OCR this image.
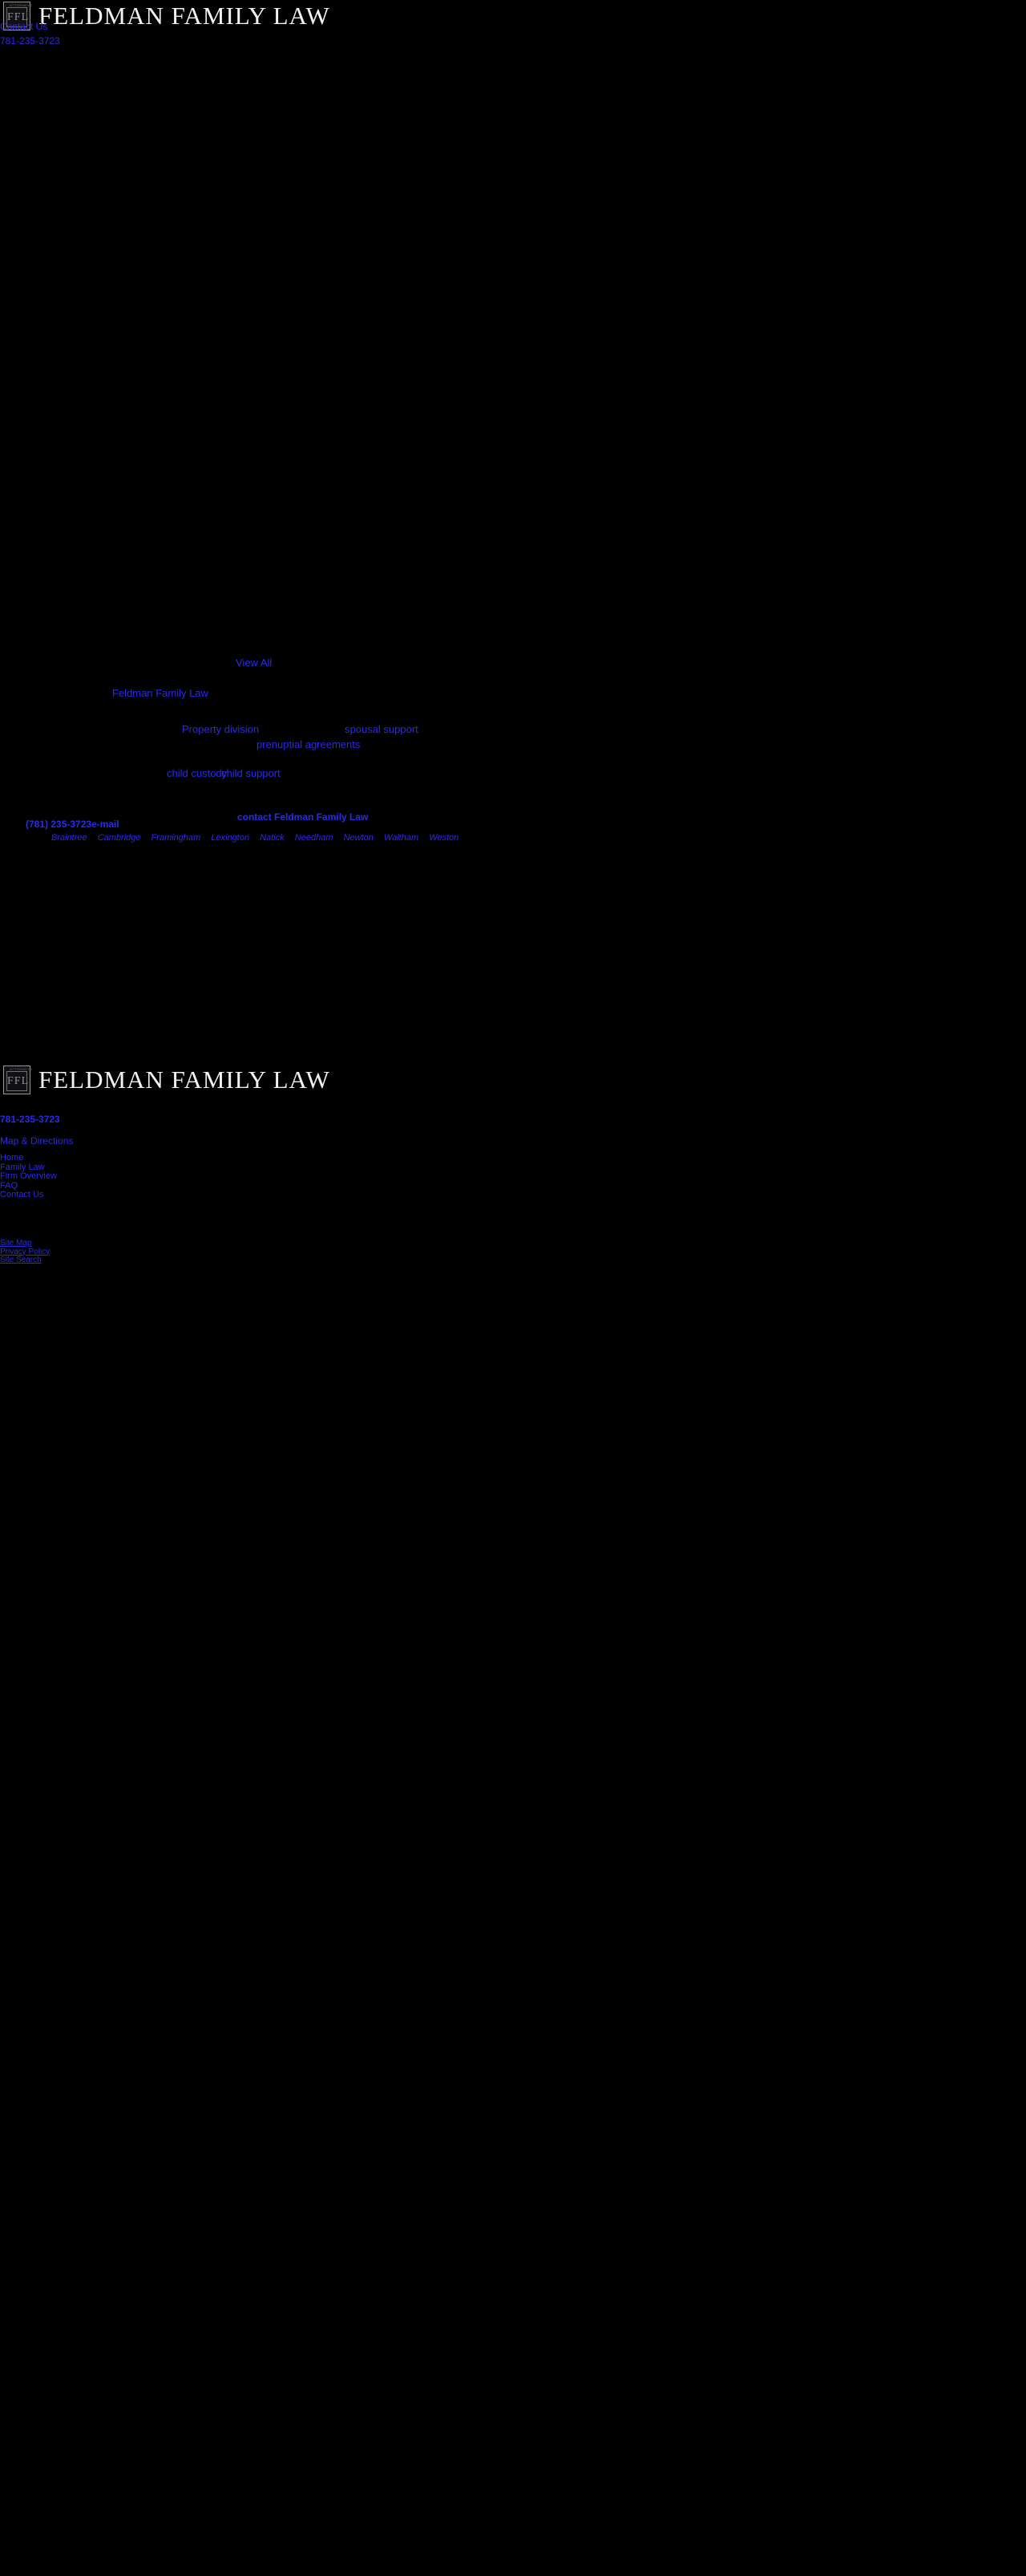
ATTORNEYS
FFL FELDMAN FAMILY LAW
Contact Us
781-235-3723
View All
Feldman Family Law
Property division	spousal support
prenuptial agreements
child custody
child support
contact Feldman Family Law
(781) 235-3723 e-mail
Braintree Cambridge Framingham Lexington Natick Needham Newton Waltham Weston
ATTORNEYS
FFL FELDMAN FAMILY LAW
781-235-3723
Map & Directions
Home
Family Law
Firm Overview
FAQ
Contact Us
Site Map
Privacy Policy
Site Search
